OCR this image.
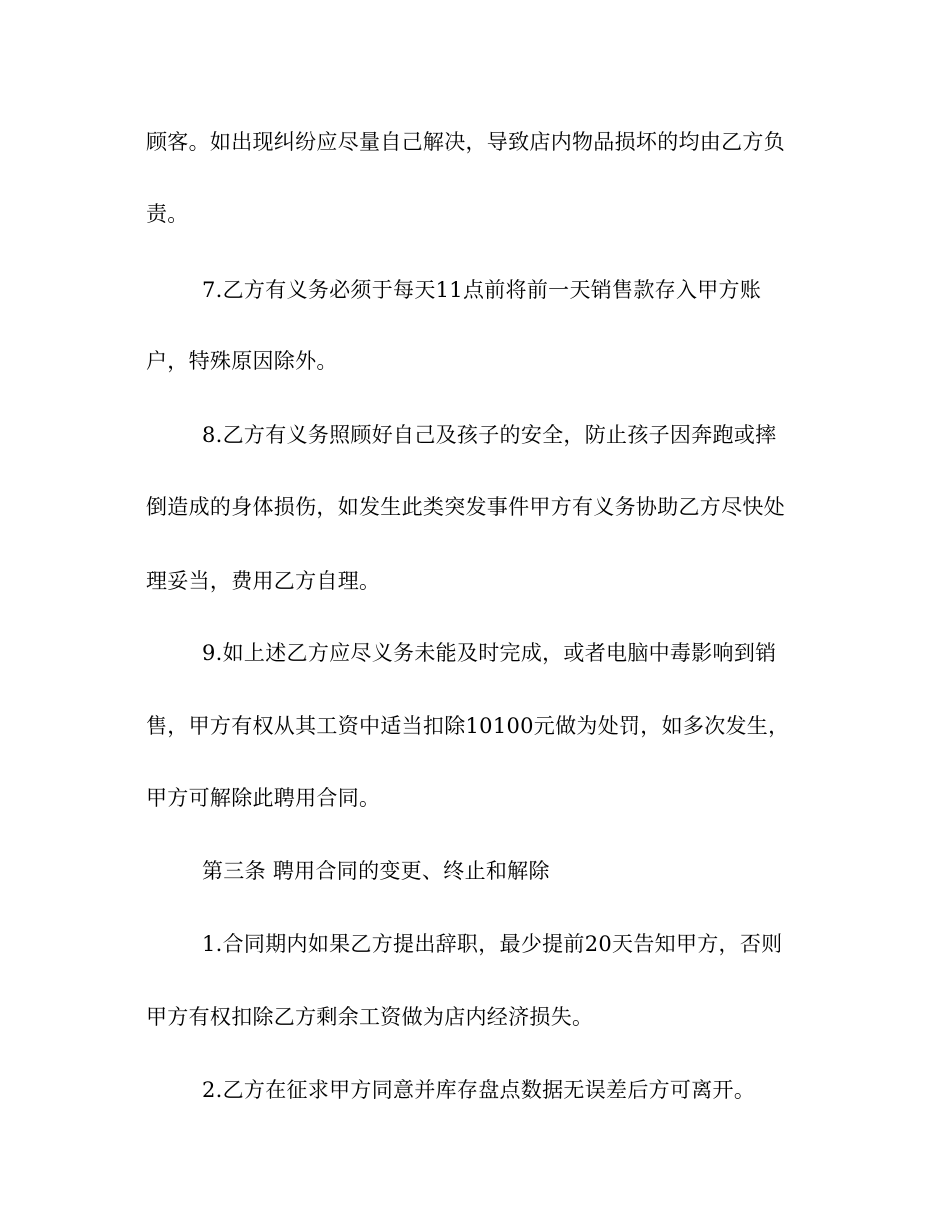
顾客。如出现纠纷应尽量自己解决，导致店内物品损坏的均由乙方负

责。

7.乙方有义务必须于每天11点前将前一天销售款存入甲方账

户，特殊原因除外。

8.乙方有义务照顾好自己及孩子的安全，防止孩子因奔跑或摔

倒造成的身体损伤，如发生此类突发事件甲方有义务协助乙方尽快处

理妥当，费用乙方自理。

9.如上述乙方应尽义务未能及时完成，或者电脑中毒影响到销

售，甲方有权从其工资中适当扣除10100元做为处罚，如多次发生，

甲方可解除此聘用合同。

第三条 聘用合同的变更、终止和解除

1.合同期内如果乙方提出辞职，最少提前20天告知甲方，否则

甲方有权扣除乙方剩余工资做为店内经济损失。

2.乙方在征求甲方同意并库存盘点数据无误差后方可离开。
